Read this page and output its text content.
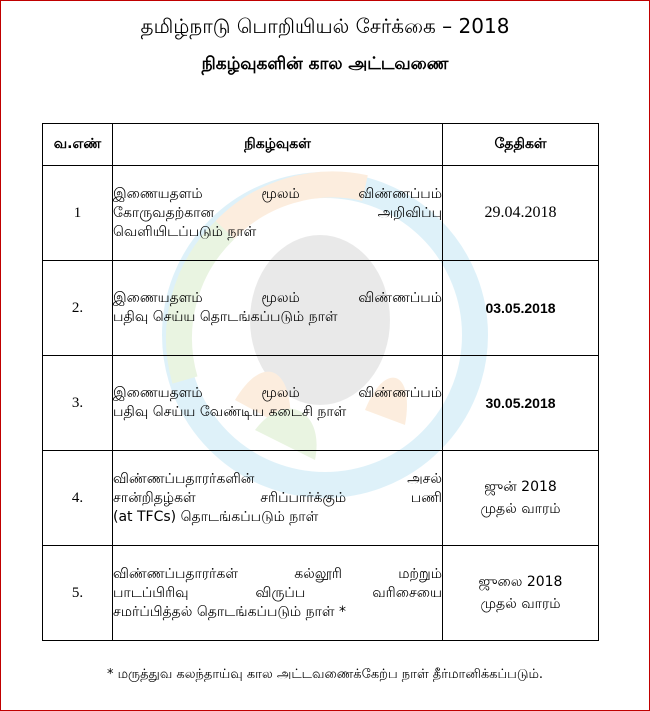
தமிழ்நாடு பொறியியல் சேர்க்கை – 2018
நிகழ்வுகளின் கால அட்டவணை
வ.எண்	நிகழ்வுகள்	தேதிகள்
1	இணையதளம் மூலம் விண்ணப்பம்
கோருவதற்கான அறிவிப்பு
வெளியிடப்படும் நாள்	29.04.2018
2.	இணையதளம் மூலம் விண்ணப்பம்
பதிவு செய்ய தொடங்கப்படும் நாள்	03.05.2018
3.	இணையதளம் மூலம் விண்ணப்பம்
பதிவு செய்ய வேண்டிய கடைசி நாள்	30.05.2018
4.	விண்ணப்பதாரர்களின் அசல்
சான்றிதழ்கள் சரிப்பார்க்கும் பணி
(at TFCs) தொடங்கப்படும் நாள்	ஜுன் 2018
முதல் வாரம்
5.	விண்ணப்பதாரர்கள் கல்லூரி மற்றும்
பாடப்பிரிவு விருப்ப வரிசையை
சமர்ப்பித்தல் தொடங்கப்படும் நாள் *	ஜுலை 2018
முதல் வாரம்
* மருத்துவ கலந்தாய்வு கால அட்டவணைக்கேற்ப நாள் தீர்மானிக்கப்படும்.
